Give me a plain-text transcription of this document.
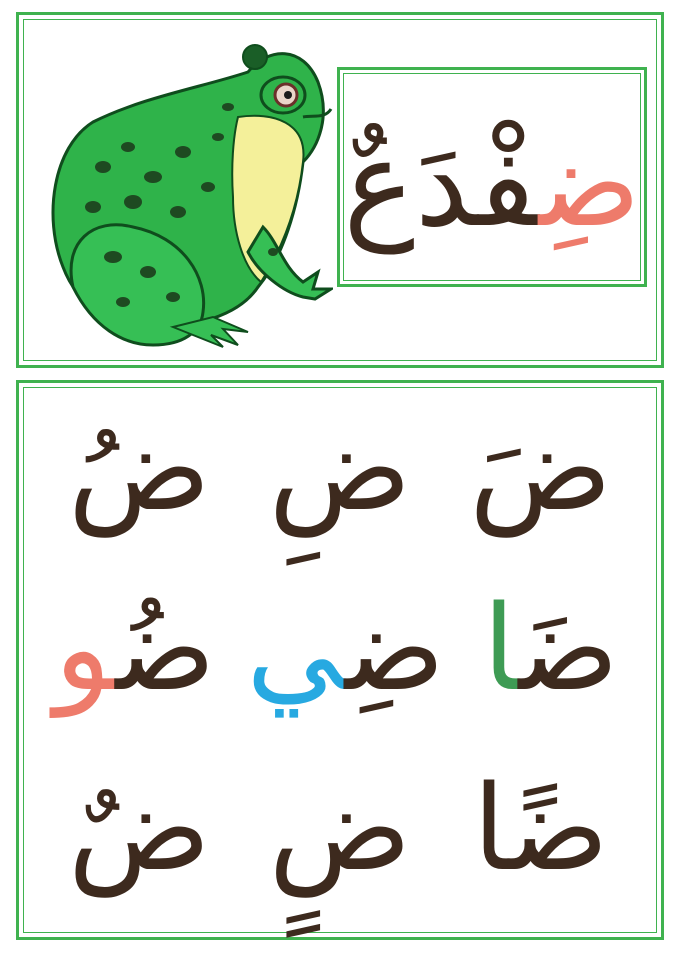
ضِفْدَعٌ
ضَ
ضِ
ضُ
ضَا
ضِي
ضُو
ضًا
ضٍ
ضٌ
